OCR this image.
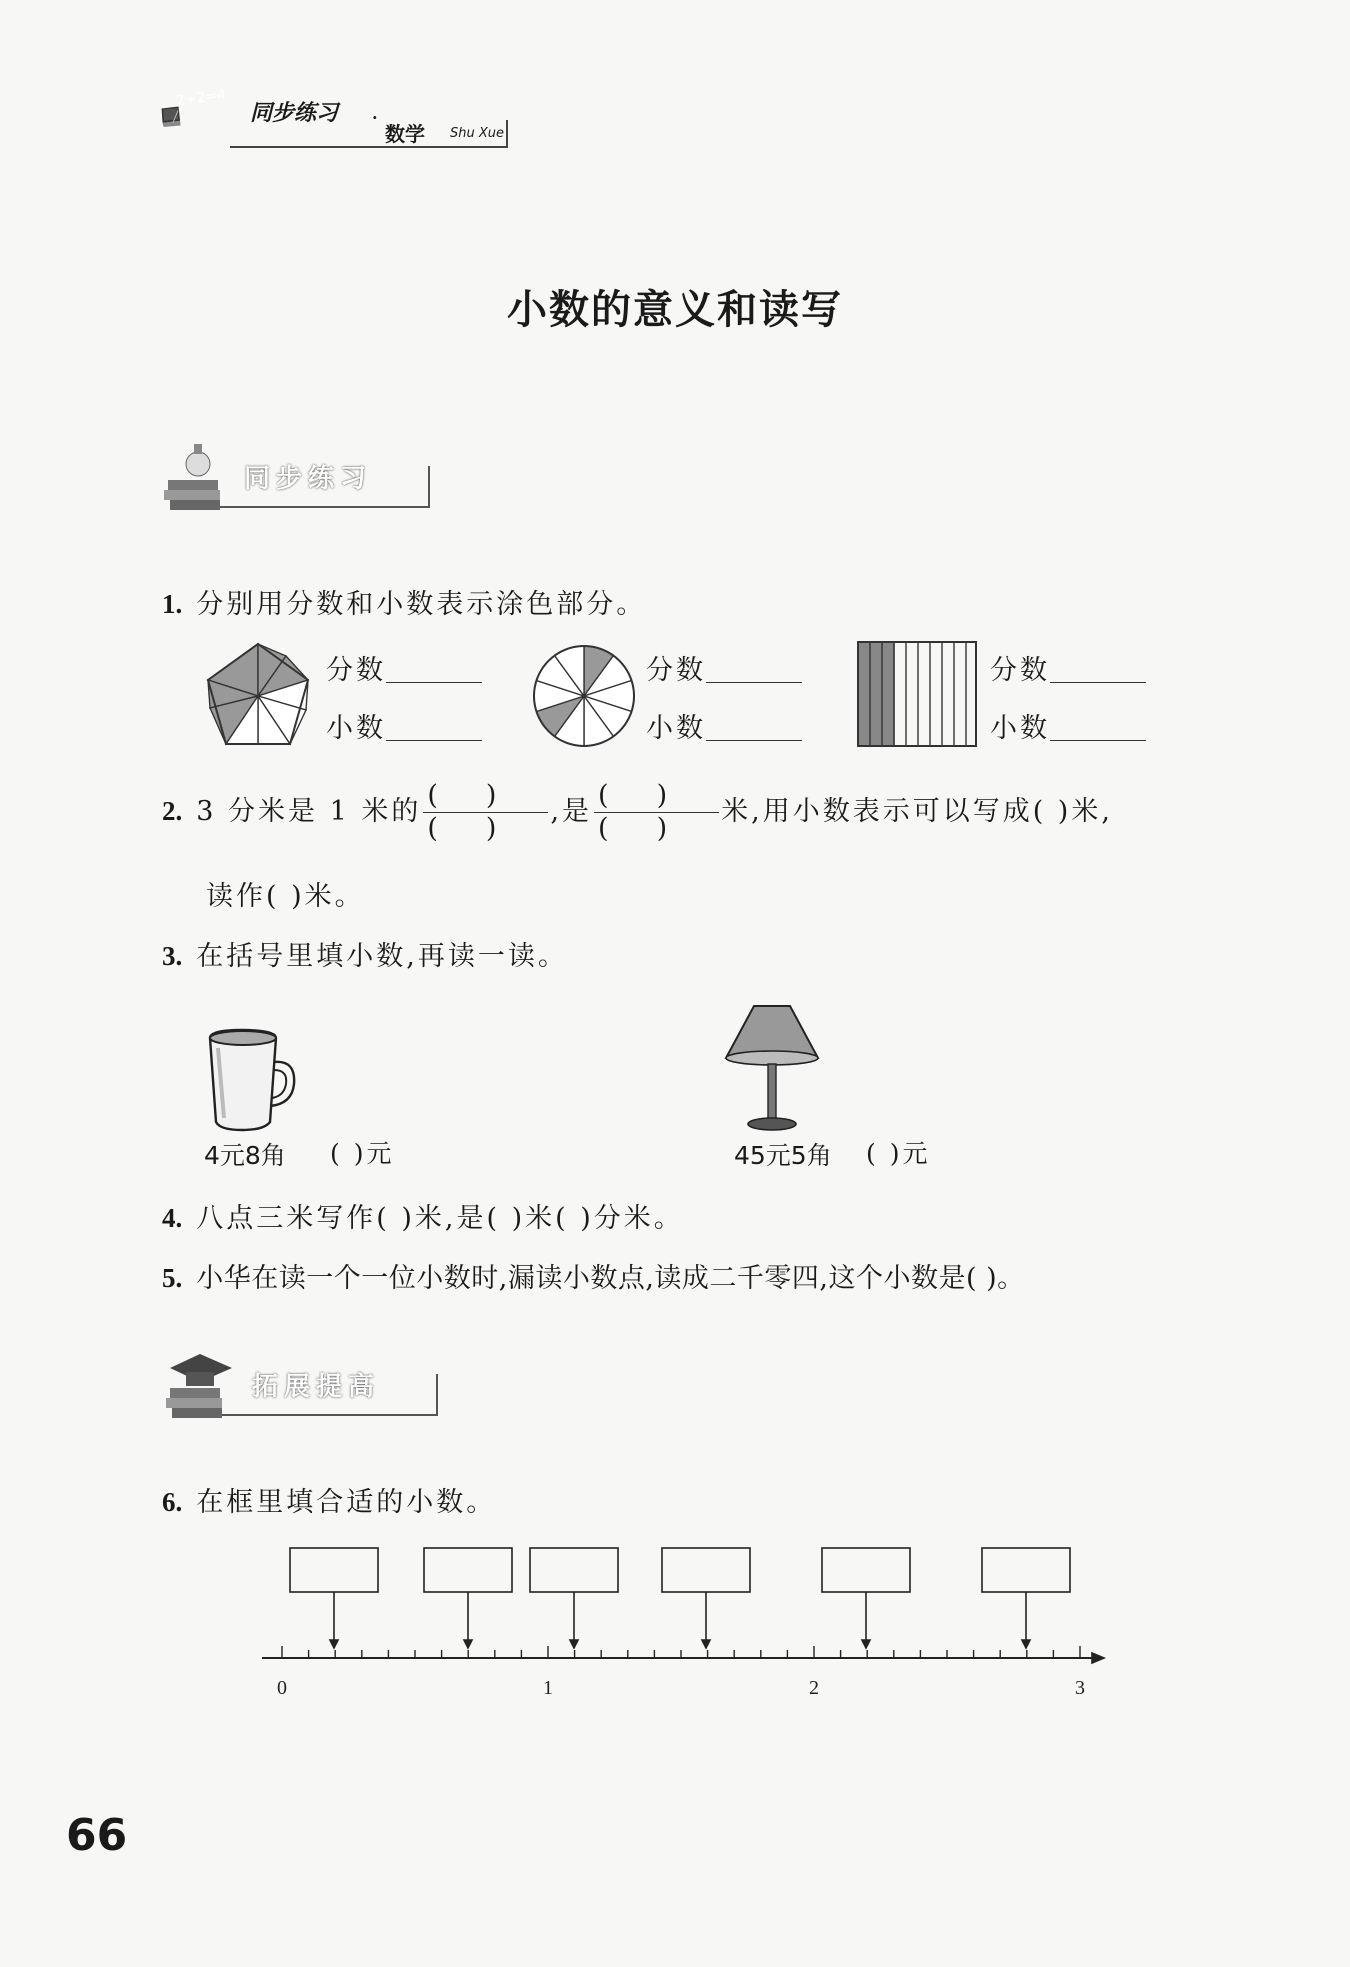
2+2=4
同步练习 ·
数学 Shu Xue
小数的意义和读写
同步练习
1. 分别用分数和小数表示涂色部分。
分数
小数
分数
小数
分数
小数
2. 3 分米是 1 米的 $\frac{()}{()}$ ,是 $\frac{()}{()}$ 米,用小数表示可以写成( )米,
读作( )米。
3. 在括号里填小数,再读一读。
4元8角 ( )元	45元5角 ( )元
4. 八点三米写作( )米,是( )米( )分米。
5. 小华在读一个一位小数时,漏读小数点,读成二千零四,这个小数是( )。
拓展提高
6. 在框里填合适的小数。
0	1	2	3
66
